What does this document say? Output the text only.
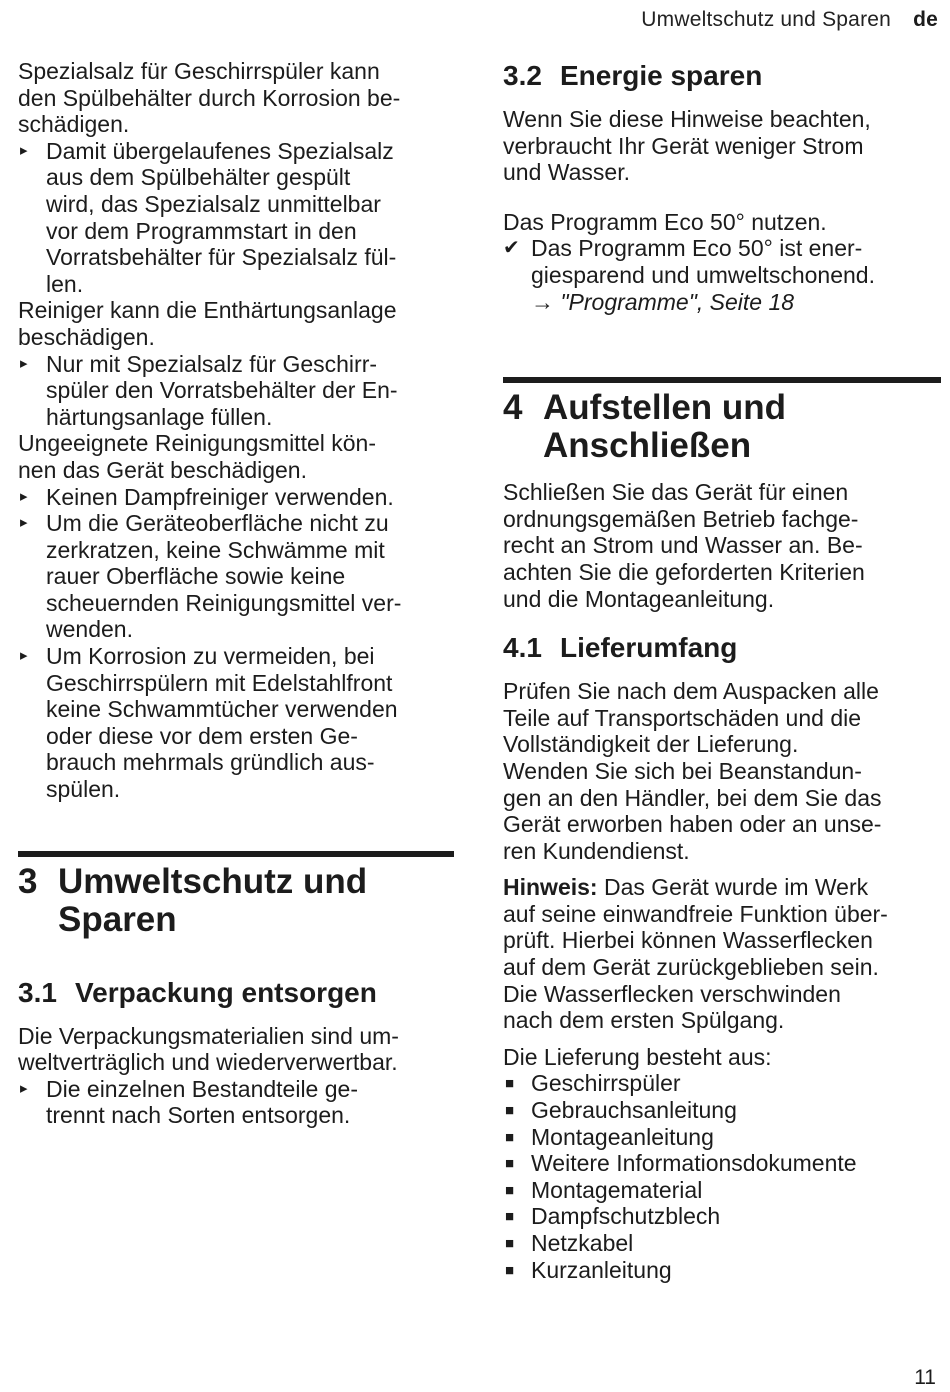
Umweltschutz und Sparen de
Spezialsalz für Geschirrspüler kann
den Spülbehälter durch Korrosion be-
schädigen.
▸ Damit übergelaufenes Spezialsalz
aus dem Spülbehälter gespült
wird, das Spezialsalz unmittelbar
vor dem Programmstart in den
Vorratsbehälter für Spezialsalz fül-
len.
Reiniger kann die Enthärtungsanlage
beschädigen.
▸ Nur mit Spezialsalz für Geschirr-
spüler den Vorratsbehälter der En-
härtungsanlage füllen.
Ungeeignete Reinigungsmittel kön-
nen das Gerät beschädigen.
▸ Keinen Dampfreiniger verwenden.
▸ Um die Geräteoberfläche nicht zu
zerkratzen, keine Schwämme mit
rauer Oberfläche sowie keine
scheuernden Reinigungsmittel ver-
wenden.
▸ Um Korrosion zu vermeiden, bei
Geschirrspülern mit Edelstahlfront
keine Schwammtücher verwenden
oder diese vor dem ersten Ge-
brauch mehrmals gründlich aus-
spülen.
3 Umweltschutz und
Sparen
3.1 Verpackung entsorgen
Die Verpackungsmaterialien sind um-
weltverträglich und wiederverwertbar.
▸ Die einzelnen Bestandteile ge-
trennt nach Sorten entsorgen.
3.2 Energie sparen
Wenn Sie diese Hinweise beachten,
verbraucht Ihr Gerät weniger Strom
und Wasser.
Das Programm Eco 50° nutzen.
✔ Das Programm Eco 50° ist ener-
giesparend und umweltschonend.
→ "Programme", Seite 18
4 Aufstellen und
Anschließen
Schließen Sie das Gerät für einen
ordnungsgemäßen Betrieb fachge-
recht an Strom und Wasser an. Be-
achten Sie die geforderten Kriterien
und die Montageanleitung.
4.1 Lieferumfang
Prüfen Sie nach dem Auspacken alle
Teile auf Transportschäden und die
Vollständigkeit der Lieferung.
Wenden Sie sich bei Beanstandun-
gen an den Händler, bei dem Sie das
Gerät erworben haben oder an unse-
ren Kundendienst.
Hinweis: Das Gerät wurde im Werk
auf seine einwandfreie Funktion über-
prüft. Hierbei können Wasserflecken
auf dem Gerät zurückgeblieben sein.
Die Wasserflecken verschwinden
nach dem ersten Spülgang.
Die Lieferung besteht aus:
■ Geschirrspüler
■ Gebrauchsanleitung
■ Montageanleitung
■ Weitere Informationsdokumente
■ Montagematerial
■ Dampfschutzblech
■ Netzkabel
■ Kurzanleitung
11
